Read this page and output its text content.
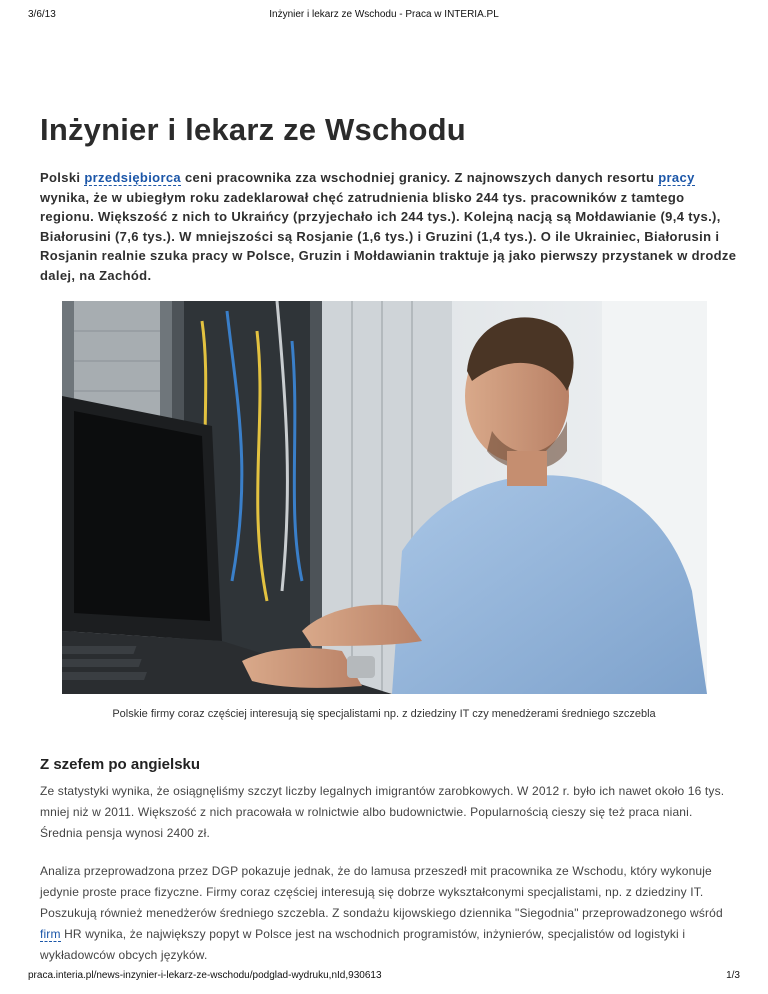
3/6/13	Inżynier i lekarz ze Wschodu - Praca w INTERIA.PL
Inżynier i lekarz ze Wschodu

Polski przedsiębiorca ceni pracownika zza wschodniej granicy. Z najnowszych danych resortu pracy wynika, że w ubiegłym roku zadeklarował chęć zatrudnienia blisko 244 tys. pracowników z tamtego regionu. Większość z nich to Ukraińcy (przyjechało ich 244 tys.). Kolejną nacją są Mołdawianie (9,4 tys.), Białorusini (7,6 tys.). W mniejszości są Rosjanie (1,6 tys.) i Gruzini (1,4 tys.). O ile Ukrainiec, Białorusin i Rosjanin realnie szuka pracy w Polsce, Gruzin i Mołdawianin traktuje ją jako pierwszy przystanek w drodze dalej, na Zachód.

Polskie firmy coraz częściej interesują się specjalistami np. z dziedziny IT czy menedżerami średniego szczebla

Z szefem po angielsku

Ze statystyki wynika, że osiągnęliśmy szczyt liczby legalnych imigrantów zarobkowych. W 2012 r. było ich nawet około 16 tys. mniej niż w 2011. Większość z nich pracowała w rolnictwie albo budownictwie. Popularnością cieszy się też praca niani. Średnia pensja wynosi 2400 zł.

Analiza przeprowadzona przez DGP pokazuje jednak, że do lamusa przeszedł mit pracownika ze Wschodu, który wykonuje jedynie proste prace fizyczne. Firmy coraz częściej interesują się dobrze wykształconymi specjalistami, np. z dziedziny IT. Poszukują również menedżerów średniego szczebla. Z sondażu kijowskiego dziennika "Siegodnia" przeprowadzonego wśród firm HR wynika, że największy popyt w Polsce jest na wschodnich programistów, inżynierów, specjalistów od logistyki i wykładowców obcych języków.

praca.interia.pl/news-inzynier-i-lekarz-ze-wschodu/podglad-wydruku,nId,930613	1/3
